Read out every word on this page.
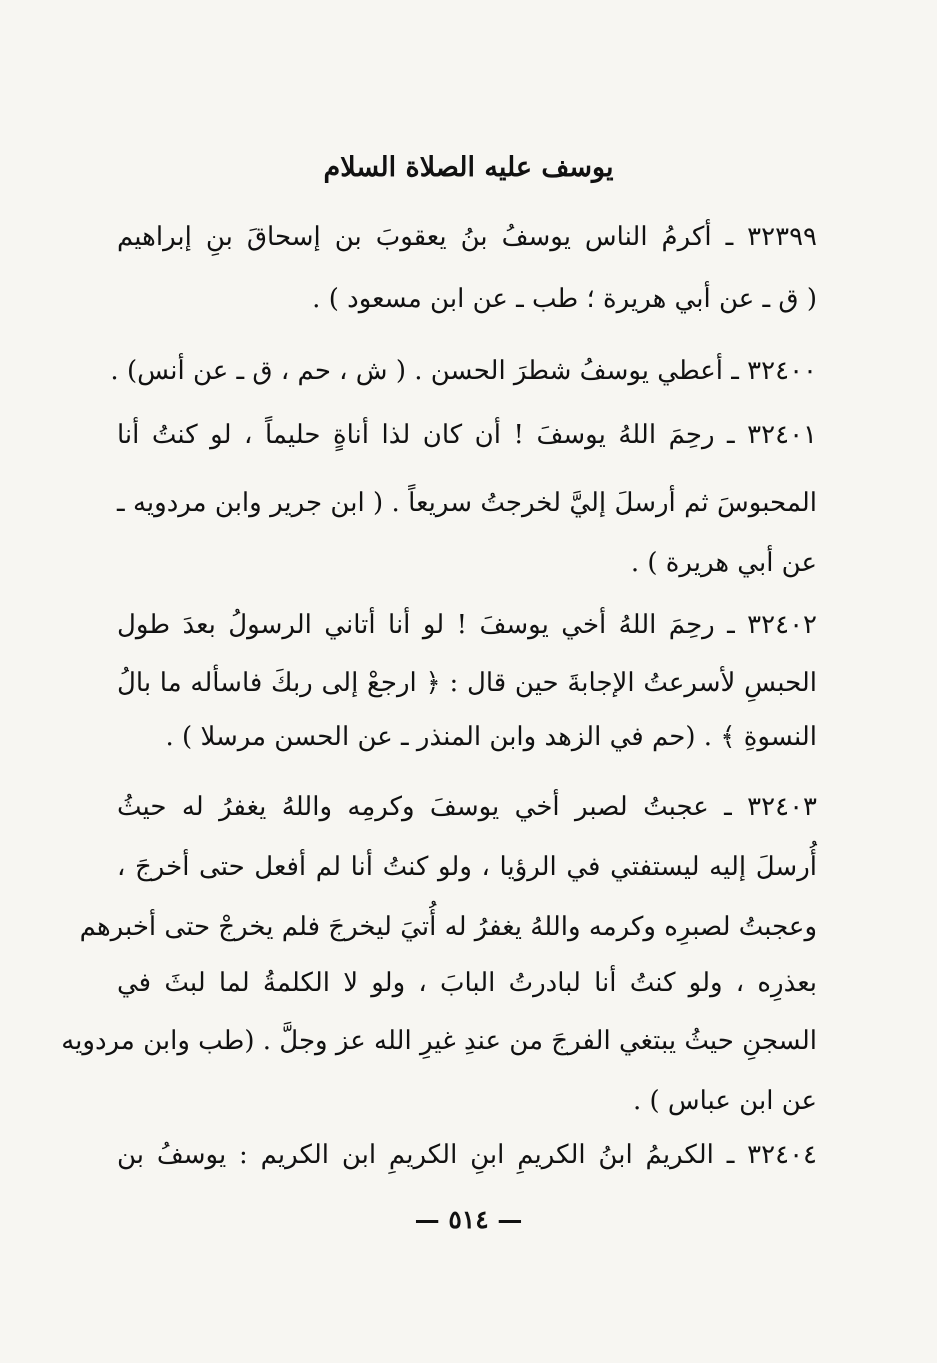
يوسف عليه الصلاة السلام
٣٢٣٩٩ ـ أكرمُ الناس يوسفُ بنُ يعقوبَ بن إسحاقَ بنِ إبراهيم
( ق ـ عن أبي هريرة ؛ طب ـ عن ابن مسعود ) .
٣٢٤٠٠ ـ أعطي يوسفُ شطرَ الحسن . ( ش ، حم ، ق ـ عن أنس) .
٣٢٤٠١ ـ رحِمَ اللهُ يوسفَ ! أن كان لذا أناةٍ حليماً ، لو كنتُ أنا
المحبوسَ ثم أرسلَ إليَّ لخرجتُ سريعاً . ( ابن جرير وابن مردويه ـ
عن أبي هريرة ) .
٣٢٤٠٢ ـ رحِمَ اللهُ أخي يوسفَ ! لو أنا أتاني الرسولُ بعدَ طول
الحبسِ لأسرعتُ الإجابةَ حين قال : ﴿ ارجعْ إلى ربكَ فاسأله ما بالُ
النسوةِ ﴾ . (حم في الزهد وابن المنذر ـ عن الحسن مرسلا ) .
٣٢٤٠٣ ـ عجبتُ لصبر أخي يوسفَ وكرمِه واللهُ يغفرُ له حيثُ
أُرسلَ إليه ليستفتي في الرؤيا ، ولو كنتُ أنا لم أفعل حتى أخرجَ ،
وعجبتُ لصبرِه وكرمه واللهُ يغفرُ له أُتيَ ليخرجَ فلم يخرجْ حتى أخبرهم
بعذرِه ، ولو كنتُ أنا لبادرتُ البابَ ، ولو لا الكلمةُ لما لبثَ في
السجنِ حيثُ يبتغي الفرجَ من عندِ غيرِ الله عز وجلَّ . (طب وابن مردويه
عن ابن عباس ) .
٣٢٤٠٤ ـ الكريمُ ابنُ الكريمِ ابنِ الكريمِ ابن الكريم : يوسفُ بن
— ٥١٤ —
